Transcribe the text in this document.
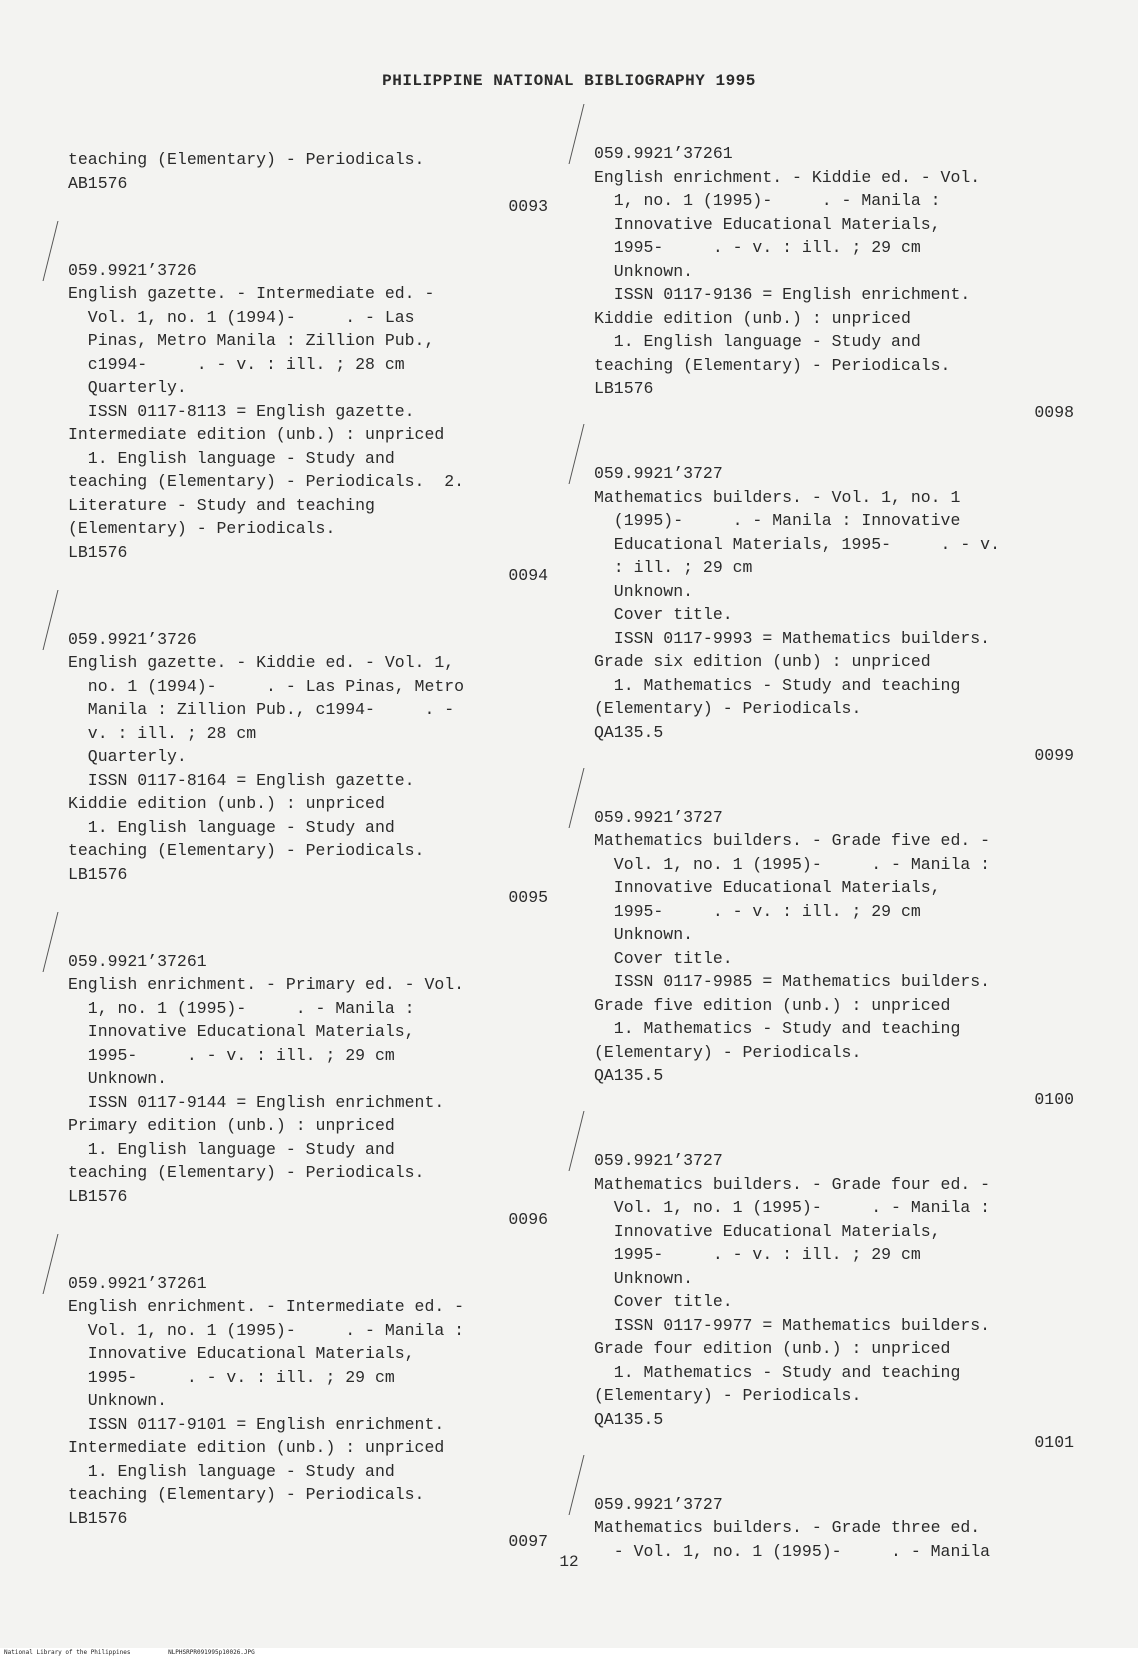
PHILIPPINE NATIONAL BIBLIOGRAPHY 1995
teaching (Elementary) - Periodicals.
AB1576
0093
059.9921’3726
English gazette. - Intermediate ed. -
Vol. 1, no. 1 (1994)-     . - Las
Pinas, Metro Manila : Zillion Pub.,
c1994-     . - v. : ill. ; 28 cm
Quarterly.
ISSN 0117-8113 = English gazette.
Intermediate edition (unb.) : unpriced
1. English language - Study and
teaching (Elementary) - Periodicals.  2.
Literature - Study and teaching
(Elementary) - Periodicals.
LB1576
0094
059.9921’3726
English gazette. - Kiddie ed. - Vol. 1,
no. 1 (1994)-     . - Las Pinas, Metro
Manila : Zillion Pub., c1994-     . -
v. : ill. ; 28 cm
Quarterly.
ISSN 0117-8164 = English gazette.
Kiddie edition (unb.) : unpriced
1. English language - Study and
teaching (Elementary) - Periodicals.
LB1576
0095
059.9921’37261
English enrichment. - Primary ed. - Vol.
1, no. 1 (1995)-     . - Manila :
Innovative Educational Materials,
1995-     . - v. : ill. ; 29 cm
Unknown.
ISSN 0117-9144 = English enrichment.
Primary edition (unb.) : unpriced
1. English language - Study and
teaching (Elementary) - Periodicals.
LB1576
0096
059.9921’37261
English enrichment. - Intermediate ed. -
Vol. 1, no. 1 (1995)-     . - Manila :
Innovative Educational Materials,
1995-     . - v. : ill. ; 29 cm
Unknown.
ISSN 0117-9101 = English enrichment.
Intermediate edition (unb.) : unpriced
1. English language - Study and
teaching (Elementary) - Periodicals.
LB1576
0097
059.9921’37261
English enrichment. - Kiddie ed. - Vol.
1, no. 1 (1995)-     . - Manila :
Innovative Educational Materials,
1995-     . - v. : ill. ; 29 cm
Unknown.
ISSN 0117-9136 = English enrichment.
Kiddie edition (unb.) : unpriced
1. English language - Study and
teaching (Elementary) - Periodicals.
LB1576
0098
059.9921’3727
Mathematics builders. - Vol. 1, no. 1
(1995)-     . - Manila : Innovative
Educational Materials, 1995-     . - v.
: ill. ; 29 cm
Unknown.
Cover title.
ISSN 0117-9993 = Mathematics builders.
Grade six edition (unb) : unpriced
1. Mathematics - Study and teaching
(Elementary) - Periodicals.
QA135.5
0099
059.9921’3727
Mathematics builders. - Grade five ed. -
Vol. 1, no. 1 (1995)-     . - Manila :
Innovative Educational Materials,
1995-     . - v. : ill. ; 29 cm
Unknown.
Cover title.
ISSN 0117-9985 = Mathematics builders.
Grade five edition (unb.) : unpriced
1. Mathematics - Study and teaching
(Elementary) - Periodicals.
QA135.5
0100
059.9921’3727
Mathematics builders. - Grade four ed. -
Vol. 1, no. 1 (1995)-     . - Manila :
Innovative Educational Materials,
1995-     . - v. : ill. ; 29 cm
Unknown.
Cover title.
ISSN 0117-9977 = Mathematics builders.
Grade four edition (unb.) : unpriced
1. Mathematics - Study and teaching
(Elementary) - Periodicals.
QA135.5
0101
059.9921’3727
Mathematics builders. - Grade three ed.
- Vol. 1, no. 1 (1995)-     . - Manila
12
National Library of the Philippines	NLPHSRPR091995p10026.JPG
